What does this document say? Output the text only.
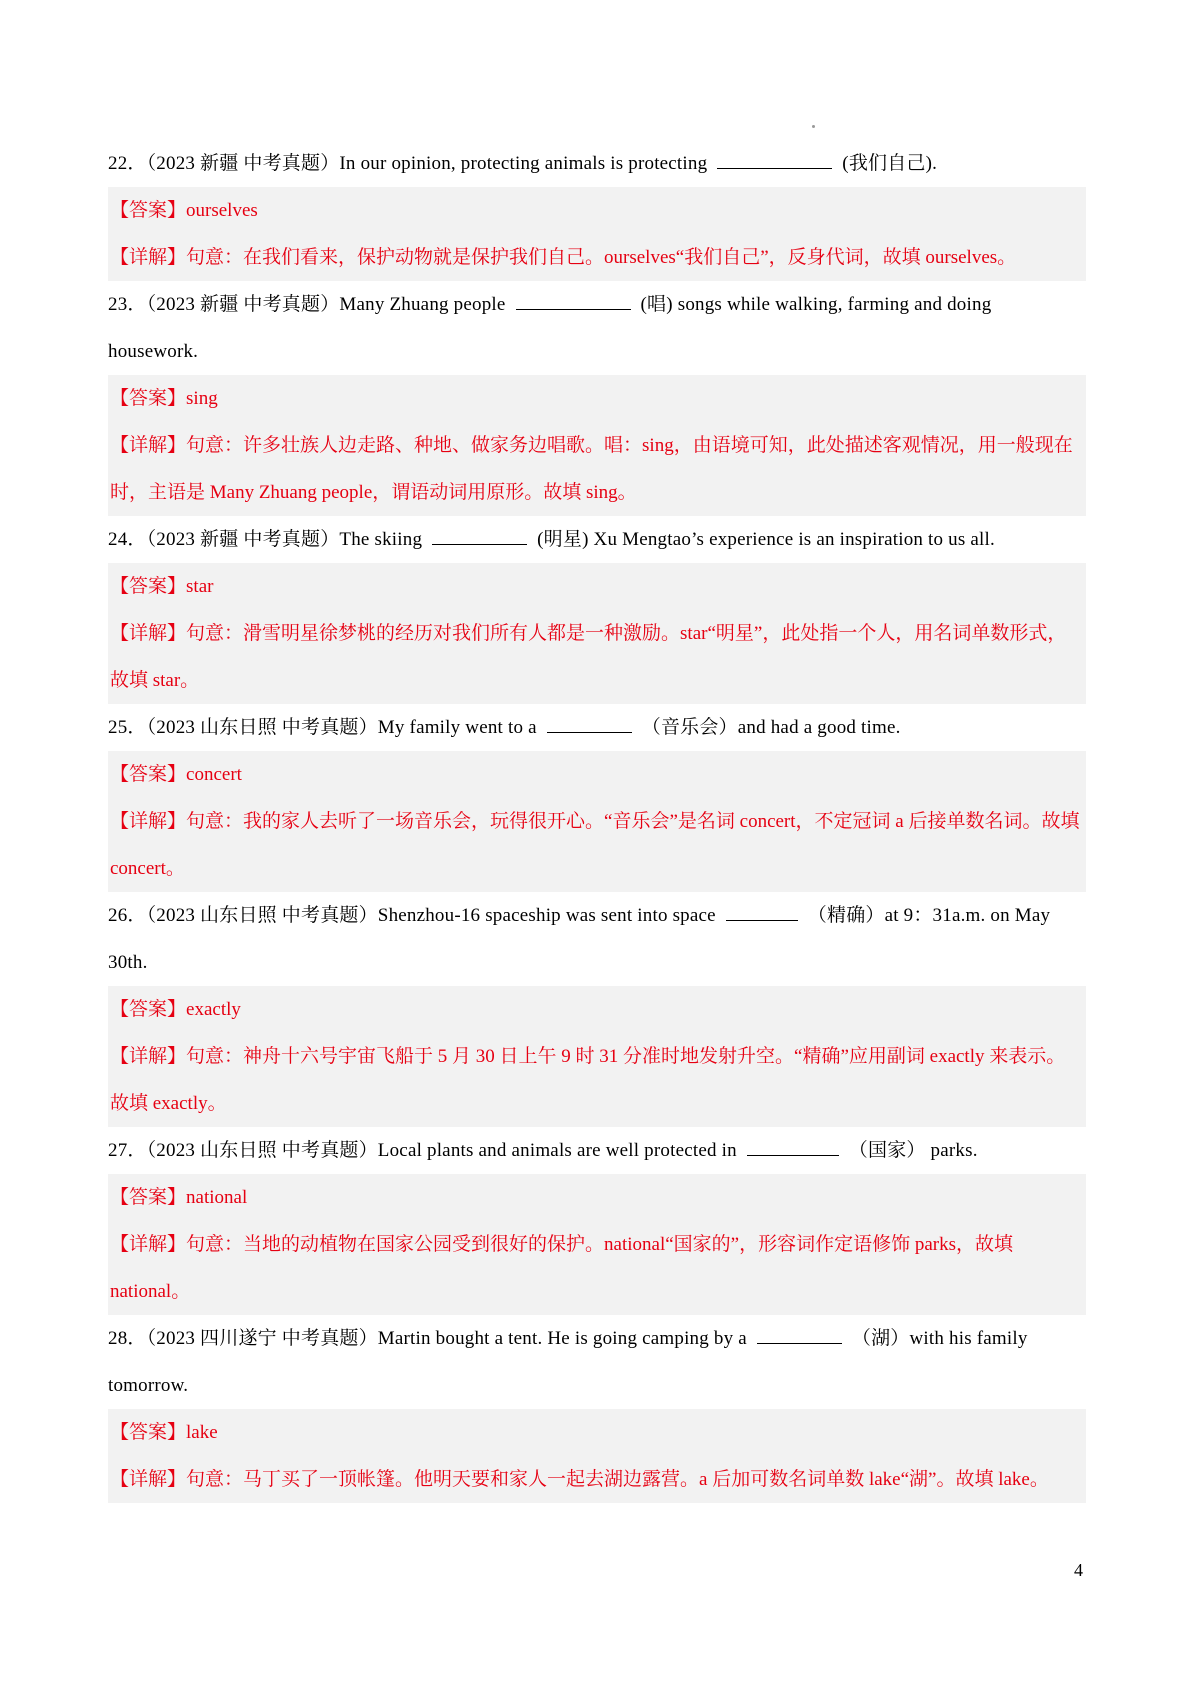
22．（2023 新疆 中考真题）In our opinion, protecting animals is protecting	(我们自己).
【答案】ourselves
【详解】句意：在我们看来，保护动物就是保护我们自己。ourselves“我们自己”，反身代词，故填 ourselves。
23．（2023 新疆 中考真题）Many Zhuang people	(唱) songs while walking, farming and doing
housework.
【答案】sing
【详解】句意：许多壮族人边走路、种地、做家务边唱歌。唱：sing，由语境可知，此处描述客观情况，用一般现在时，主语是 Many Zhuang people，谓语动词用原形。故填 sing。
24．（2023 新疆 中考真题）The skiing	(明星) Xu Mengtao’s experience is an inspiration to us all.
【答案】star
【详解】句意：滑雪明星徐梦桃的经历对我们所有人都是一种激励。star“明星”，此处指一个人，用名词单数形式，故填 star。
25．（2023 山东日照 中考真题）My family went to a	（音乐会）and had a good time.
【答案】concert
【详解】句意：我的家人去听了一场音乐会，玩得很开心。“音乐会”是名词 concert，不定冠词 a 后接单数名词。故填 concert。
26．（2023 山东日照 中考真题）Shenzhou-16 spaceship was sent into space	（精确）at 9：31a.m. on May
30th.
【答案】exactly
【详解】句意：神舟十六号宇宙飞船于 5 月 30 日上午 9 时 31 分准时地发射升空。“精确”应用副词 exactly 来表示。故填 exactly。
27．（2023 山东日照 中考真题）Local plants and animals are well protected in	（国家） parks.
【答案】national
【详解】句意：当地的动植物在国家公园受到很好的保护。national“国家的”，形容词作定语修饰 parks，故填 national。
28．（2023 四川遂宁 中考真题）Martin bought a tent. He is going camping by a	（湖）with his family
tomorrow.
【答案】lake
【详解】句意：马丁买了一顶帐篷。他明天要和家人一起去湖边露营。a 后加可数名词单数 lake“湖”。故填 lake。
4
